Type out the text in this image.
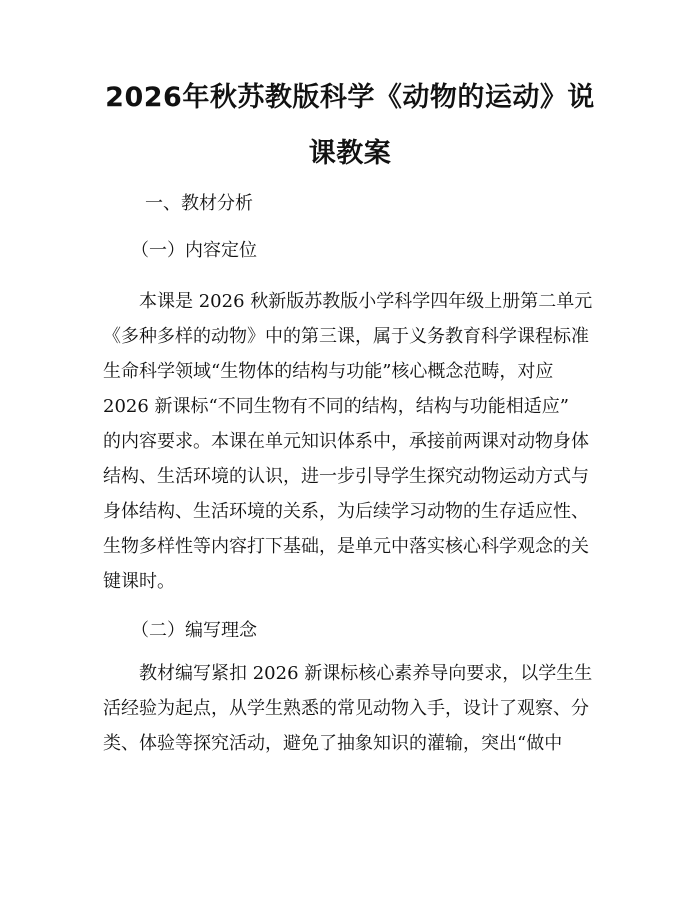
2026年秋苏教版科学《动物的运动》说课教案

一、教材分析

（一）内容定位

本课是 2026 秋新版苏教版小学科学四年级上册第二单元
《多种多样的动物》中的第三课，属于义务教育科学课程标准
生命科学领域“生物体的结构与功能”核心概念范畴，对应
2026 新课标“不同生物有不同的结构，结构与功能相适应”
的内容要求。本课在单元知识体系中，承接前两课对动物身体
结构、生活环境的认识，进一步引导学生探究动物运动方式与
身体结构、生活环境的关系，为后续学习动物的生存适应性、
生物多样性等内容打下基础，是单元中落实核心科学观念的关
键课时。

（二）编写理念

教材编写紧扣 2026 新课标核心素养导向要求，以学生生
活经验为起点，从学生熟悉的常见动物入手，设计了观察、分
类、体验等探究活动，避免了抽象知识的灌输，突出“做中
